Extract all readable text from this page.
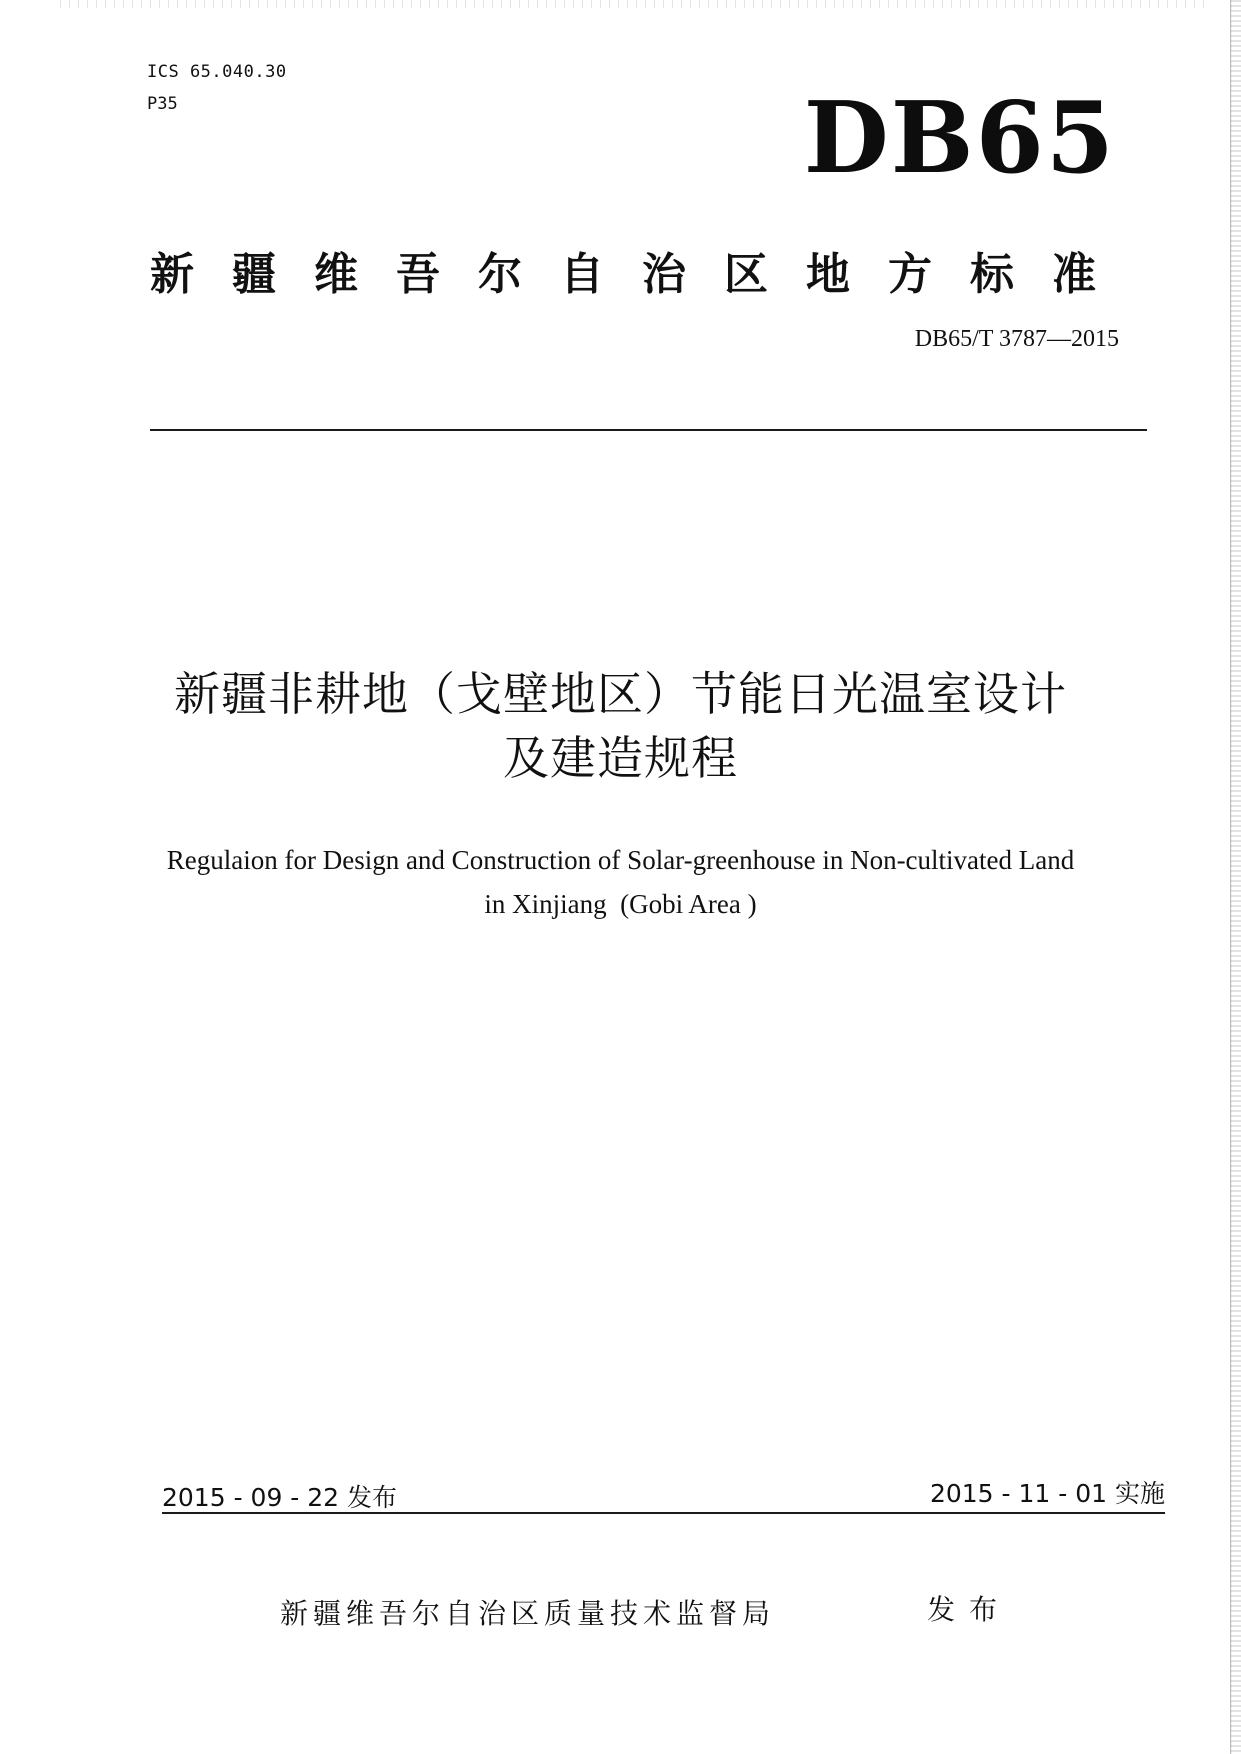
ICS 65.040.30
P35	DB65
新疆维吾尔自治区地方标准
DB65/T 3787—2015
新疆非耕地（戈壁地区）节能日光温室设计
及建造规程
Regulaion for Design and Construction of Solar-greenhouse in Non-cultivated Land
in Xinjiang  (Gobi Area )
2015 - 09 - 22 发布	2015 - 11 - 01 实施
新疆维吾尔自治区质量技术监督局	发布
